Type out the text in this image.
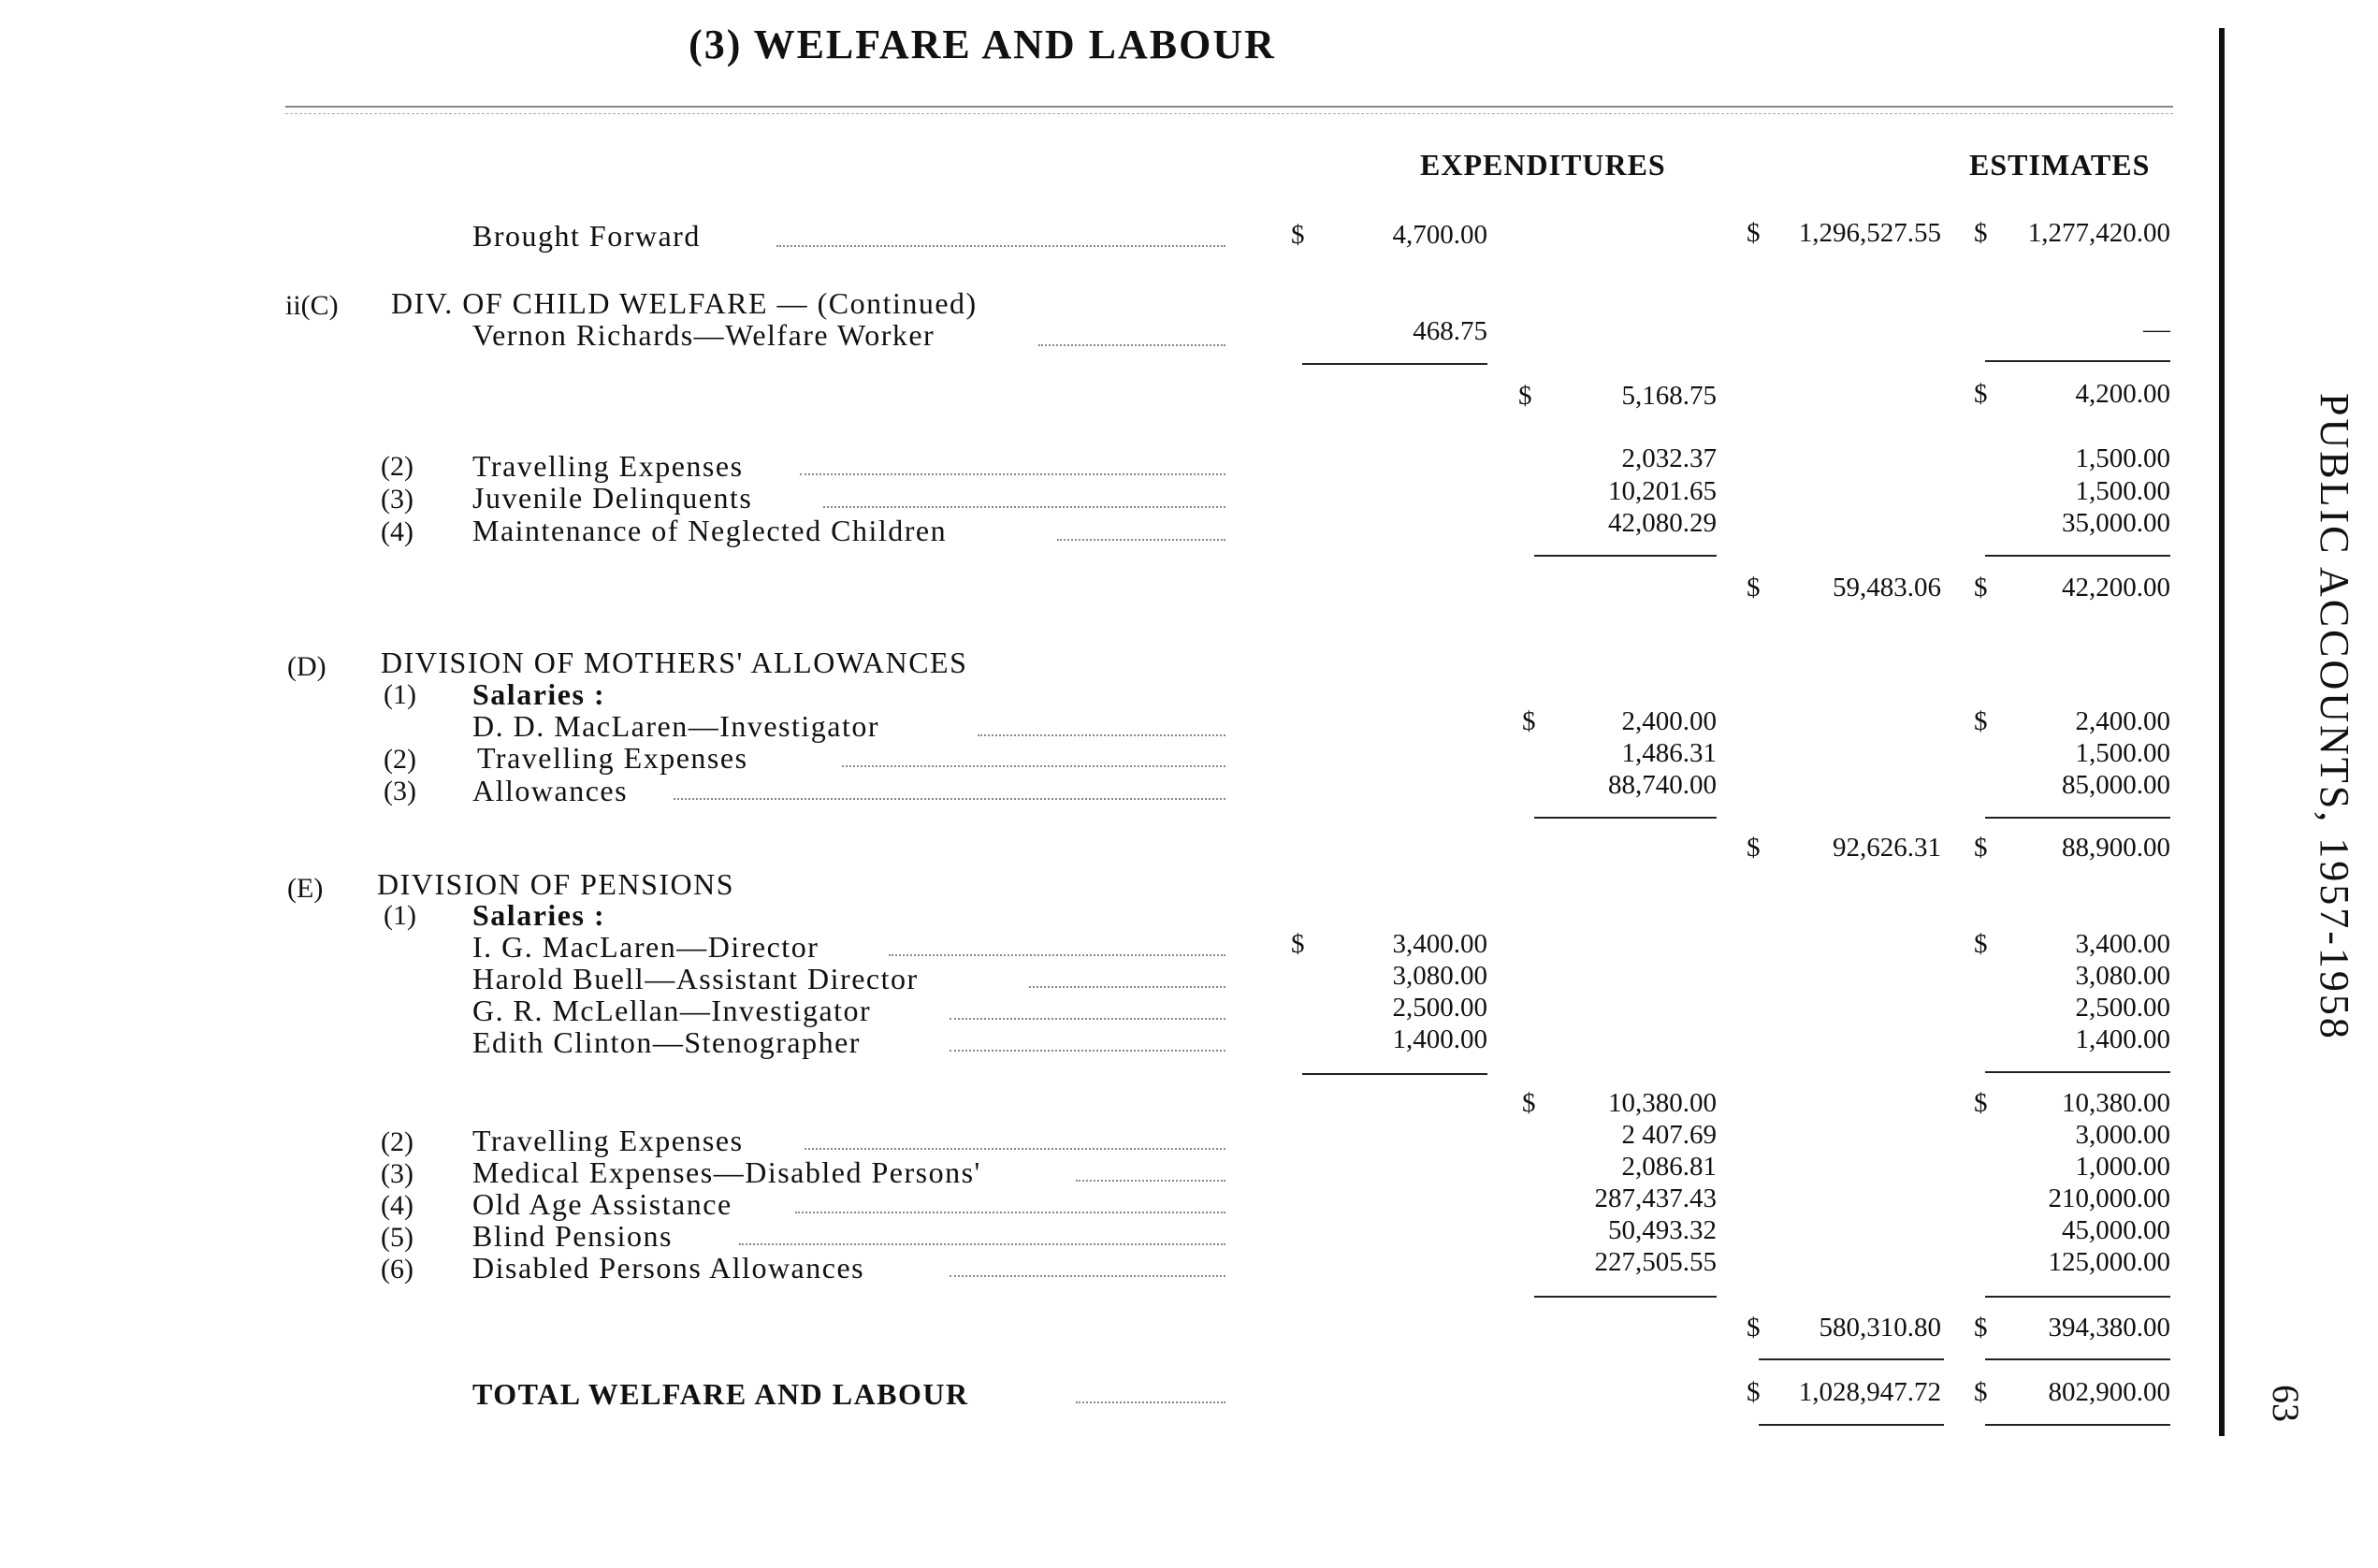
(3) WELFARE AND LABOUR
EXPENDITURES	ESTIMATES
Brought Forward	$	4,700.00	$	1,296,527.55 $	1,277,420.00
ii(C) DIV. OF CHILD WELFARE — (Continued)
Vernon Richards—Welfare Worker	468.75	—
$	5,168.75	$	4,200.00
(2) Travelling Expenses	2,032.37	1,500.00
(3) Juvenile Delinquents	10,201.65	1,500.00
(4) Maintenance of Neglected Children	42,080.29	35,000.00
$	59,483.06 $	42,200.00
(D) DIVISION OF MOTHERS' ALLOWANCES
(1) Salaries :
D. D. MacLaren—Investigator	$	2,400.00	$	2,400.00
(2) Travelling Expenses	1,486.31	1,500.00
(3) Allowances	88,740.00	85,000.00
$	92,626.31 $	88,900.00
(E) DIVISION OF PENSIONS
(1) Salaries :
I. G. MacLaren—Director	$	3,400.00	$	3,400.00
Harold Buell—Assistant Director	3,080.00	3,080.00
G. R. McLellan—Investigator	2,500.00	2,500.00
Edith Clinton—Stenographer	1,400.00	1,400.00
$	10,380.00	$	10,380.00
(2) Travelling Expenses	2 407.69	3,000.00
(3) Medical Expenses—Disabled Persons'	2,086.81	1,000.00
(4) Old Age Assistance	287,437.43	210,000.00
(5) Blind Pensions	50,493.32	45,000.00
(6) Disabled Persons Allowances	227,505.55	125,000.00
$	580,310.80 $	394,380.00
TOTAL WELFARE AND LABOUR	$	1,028,947.72 $	802,900.00
PUBLIC ACCOUNTS, 1957-1958
63
